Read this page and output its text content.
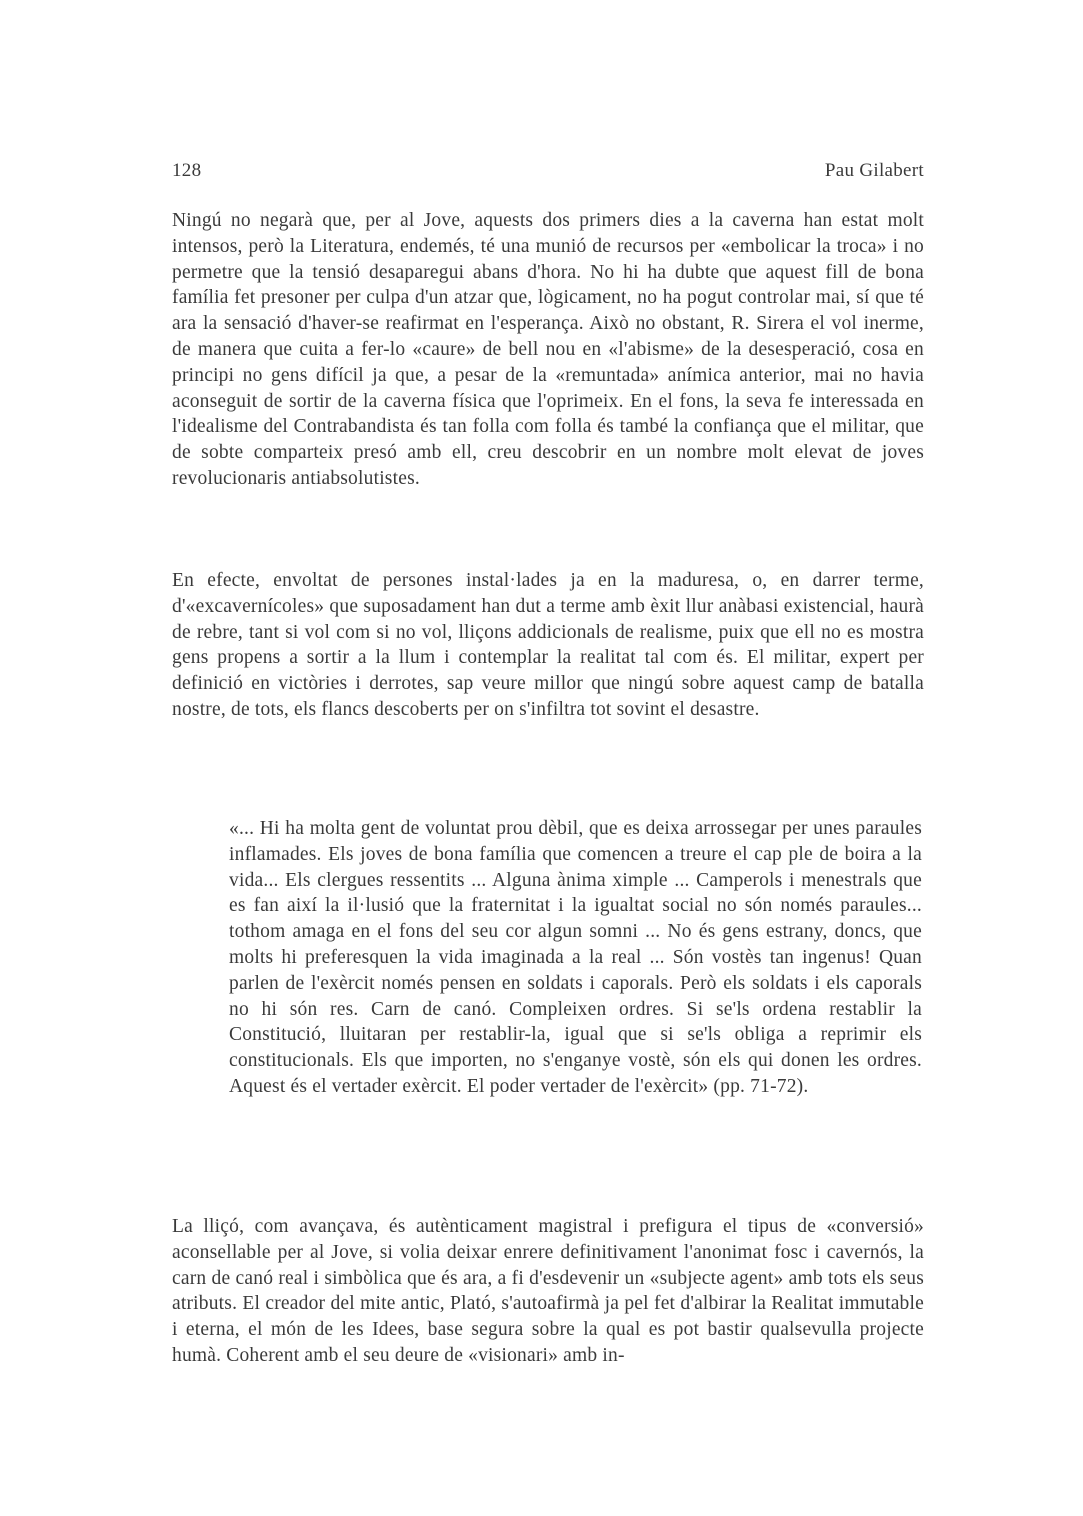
128	Pau Gilabert

Ningú no negarà que, per al Jove, aquests dos primers dies a la caverna han estat molt intensos, però la Literatura, endemés, té una munió de recursos per «embolicar la troca» i no permetre que la tensió desaparegui abans d'hora. No hi ha dubte que aquest fill de bona família fet presoner per culpa d'un atzar que, lògicament, no ha pogut controlar mai, sí que té ara la sensació d'haver-se reafirmat en l'esperança. Això no obstant, R. Sirera el vol inerme, de manera que cuita a fer-lo «caure» de bell nou en «l'abisme» de la desesperació, cosa en principi no gens difícil ja que, a pesar de la «remuntada» anímica anterior, mai no havia aconseguit de sortir de la caverna física que l'oprimeix. En el fons, la seva fe interessada en l'idealisme del Contrabandista és tan folla com folla és també la confiança que el militar, que de sobte comparteix presó amb ell, creu descobrir en un nombre molt elevat de joves revolucionaris antiabsolutistes.

En efecte, envoltat de persones instal·lades ja en la maduresa, o, en darrer terme, d'«excavernícoles» que suposadament han dut a terme amb èxit llur anàbasi existencial, haurà de rebre, tant si vol com si no vol, lliçons addicionals de realisme, puix que ell no es mostra gens propens a sortir a la llum i contemplar la realitat tal com és. El militar, expert per definició en victòries i derrotes, sap veure millor que ningú sobre aquest camp de batalla nostre, de tots, els flancs descoberts per on s'infiltra tot sovint el desastre.

«... Hi ha molta gent de voluntat prou dèbil, que es deixa arrossegar per unes paraules inflamades. Els joves de bona família que comencen a treure el cap ple de boira a la vida... Els clergues ressentits ... Alguna ànima ximple ... Camperols i menestrals que es fan així la il·lusió que la fraternitat i la igualtat social no són només paraules... tothom amaga en el fons del seu cor algun somni ... No és gens estrany, doncs, que molts hi preferesquen la vida imaginada a la real ... Són vostès tan ingenus! Quan parlen de l'exèrcit només pensen en soldats i caporals. Però els soldats i els caporals no hi són res. Carn de canó. Compleixen ordres. Si se'ls ordena restablir la Constitució, lluitaran per restablir-la, igual que si se'ls obliga a reprimir els constitucionals. Els que importen, no s'enganye vostè, són els qui donen les ordres. Aquest és el vertader exèrcit. El poder vertader de l'exèrcit» (pp. 71-72).

La lliçó, com avançava, és autènticament magistral i prefigura el tipus de «conversió» aconsellable per al Jove, si volia deixar enrere definitivament l'anonimat fosc i cavernós, la carn de canó real i simbòlica que és ara, a fi d'esdevenir un «subjecte agent» amb tots els seus atributs. El creador del mite antic, Plató, s'autoafirmà ja pel fet d'albirar la Realitat immutable i eterna, el món de les Idees, base segura sobre la qual es pot bastir qualsevulla projecte humà. Coherent amb el seu deure de «visionari» amb in-
